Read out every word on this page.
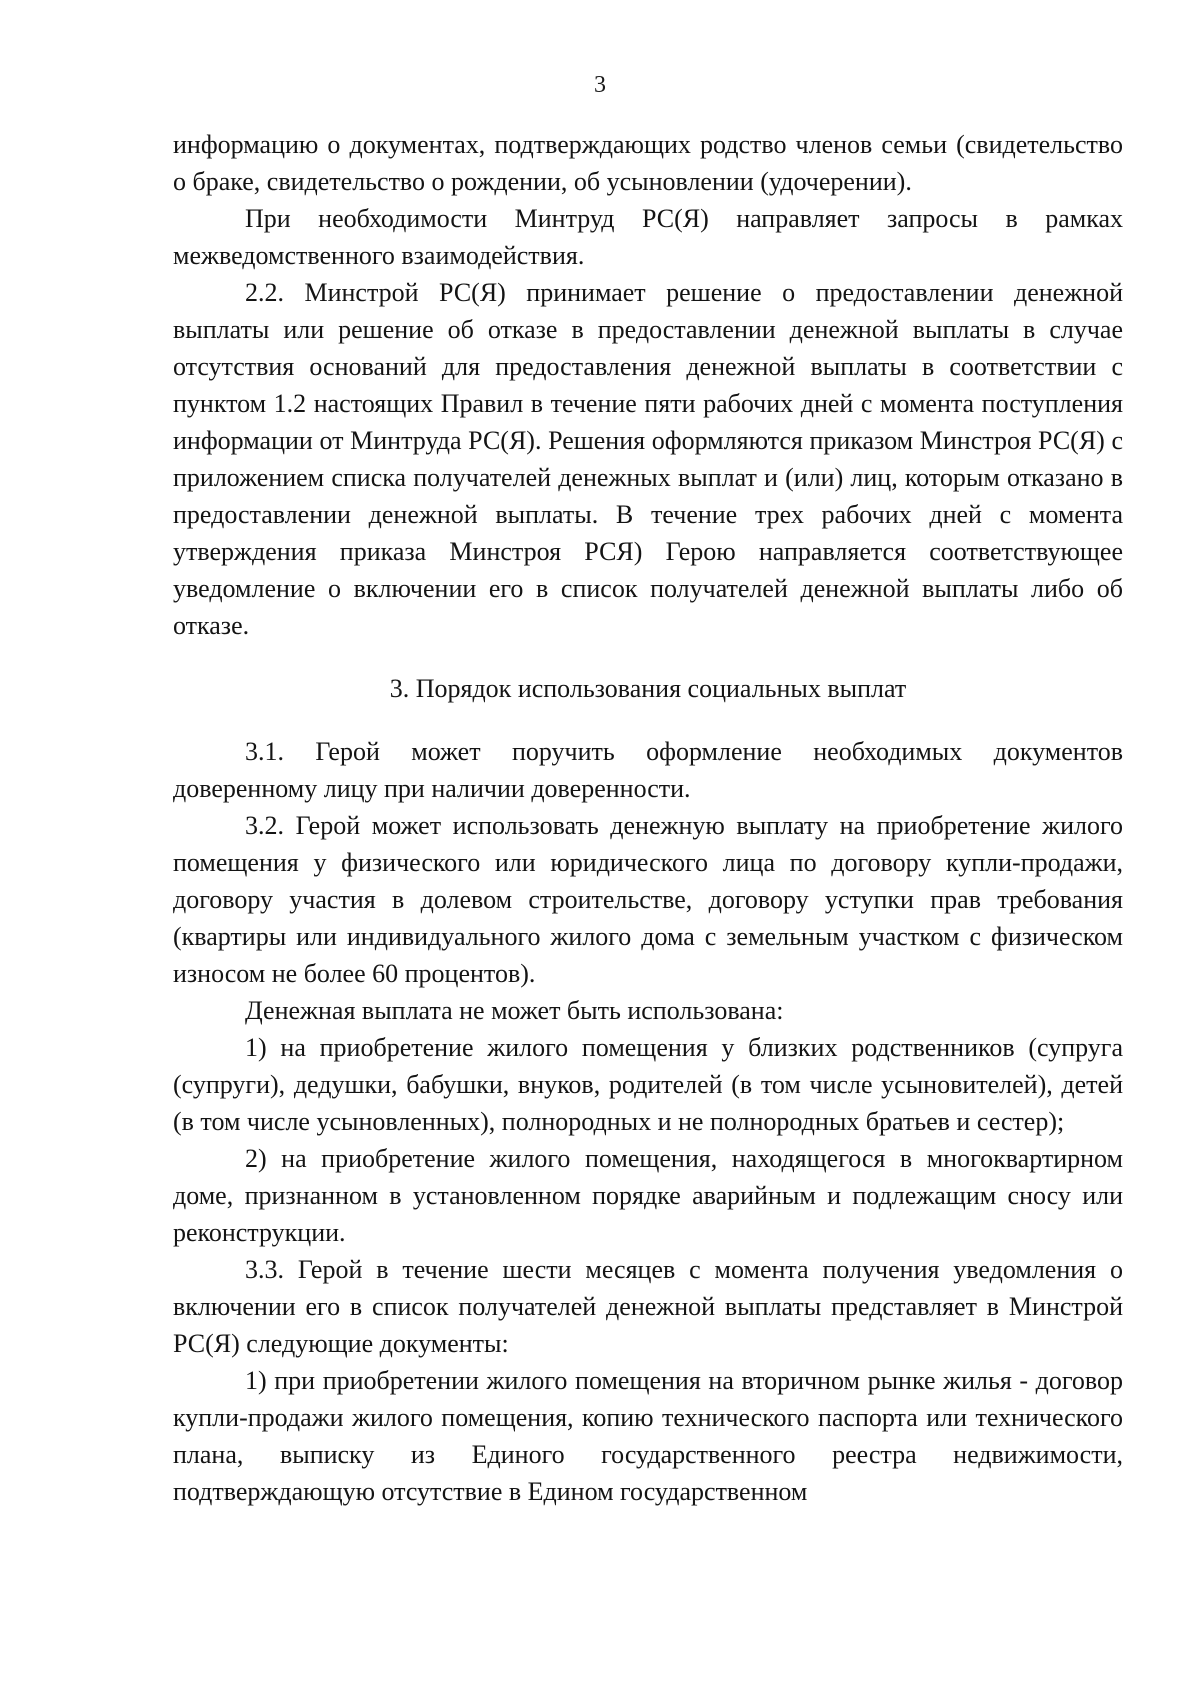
3

информацию о документах, подтверждающих родство членов семьи (свидетельство о браке, свидетельство о рождении, об усыновлении (удочерении).

При необходимости Минтруд РС(Я) направляет запросы в рамках межведомственного взаимодействия.

2.2. Минстрой РС(Я) принимает решение о предоставлении денежной выплаты или решение об отказе в предоставлении денежной выплаты в случае отсутствия оснований для предоставления денежной выплаты в соответствии с пунктом 1.2 настоящих Правил в течение пяти рабочих дней с момента поступления информации от Минтруда РС(Я). Решения оформляются приказом Минстроя РС(Я) с приложением списка получателей денежных выплат и (или) лиц, которым отказано в предоставлении денежной выплаты. В течение трех рабочих дней с момента утверждения приказа Минстроя РСЯ) Герою направляется соответствующее уведомление о включении его в список получателей денежной выплаты либо об отказе.

3. Порядок использования социальных выплат

3.1. Герой может поручить оформление необходимых документов доверенному лицу при наличии доверенности.

3.2. Герой может использовать денежную выплату на приобретение жилого помещения у физического или юридического лица по договору купли-продажи, договору участия в долевом строительстве, договору уступки прав требования (квартиры или индивидуального жилого дома с земельным участком с физическом износом не более 60 процентов).

Денежная выплата не может быть использована:

1) на приобретение жилого помещения у близких родственников (супруга (супруги), дедушки, бабушки, внуков, родителей (в том числе усыновителей), детей (в том числе усыновленных), полнородных и не полнородных братьев и сестер);

2) на приобретение жилого помещения, находящегося в многоквартирном доме, признанном в установленном порядке аварийным и подлежащим сносу или реконструкции.

3.3. Герой в течение шести месяцев с момента получения уведомления о включении его в список получателей денежной выплаты представляет в Минстрой РС(Я) следующие документы:

1) при приобретении жилого помещения на вторичном рынке жилья - договор купли-продажи жилого помещения, копию технического паспорта или технического плана, выписку из Единого государственного реестра недвижимости, подтверждающую отсутствие в Едином государственном
